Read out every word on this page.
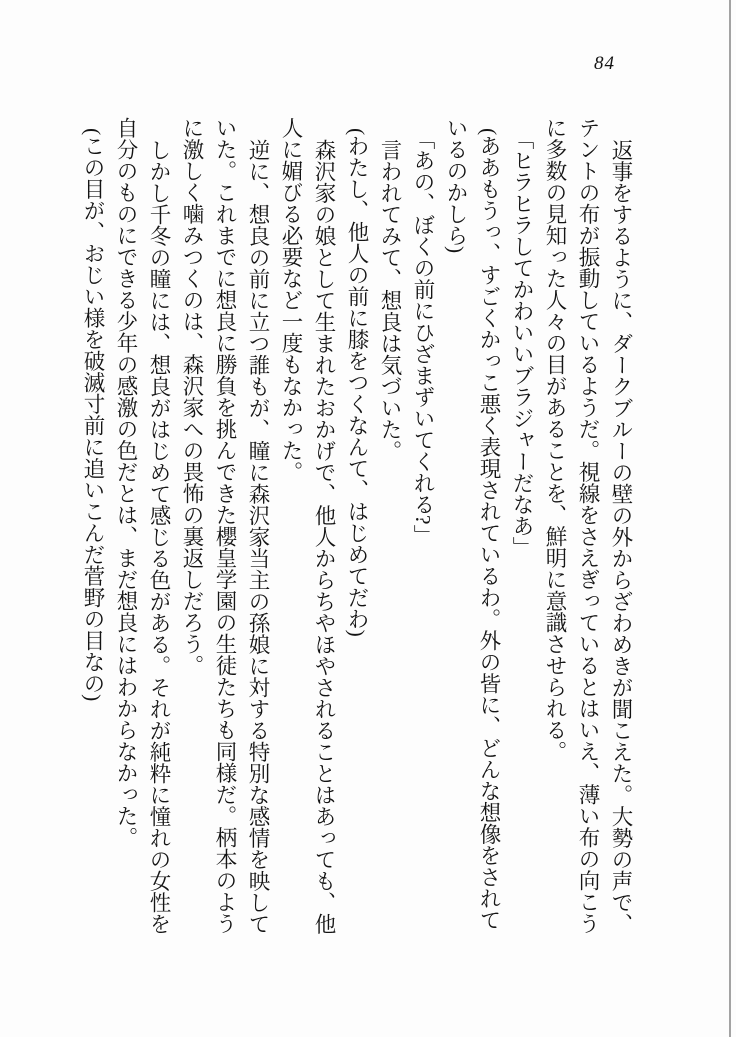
84

返事をするように、ダークブルーの壁の外からざわめきが聞こえた。大勢の声で、テントの布が振動しているようだ。視線をさえぎっているとはいえ、薄い布の向こうに多数の見知った人々の目があることを、鮮明に意識させられる。

「ヒラヒラしてかわいいブラジャーだなあ」

(ああもうっ、すごくかっこ悪く表現されているわ。外の皆に、どんな想像をされているのかしら)

「あの、ぼくの前にひざまずいてくれる?」

言われてみて、想良は気づいた。

(わたし、他人の前に膝をつくなんて、はじめてだわ)

森沢家の娘として生まれたおかげで、他人からちやほやされることはあっても、他人に媚びる必要など一度もなかった。

逆に、想良の前に立つ誰もが、瞳に森沢家当主の孫娘に対する特別な感情を映していた。これまでに想良に勝負を挑んできた櫻皇学園の生徒たちも同様だ。柄本のように激しく噛みつくのは、森沢家への畏怖の裏返しだろう。

しかし千冬の瞳には、想良がはじめて感じる色がある。それが純粋に憧れの女性を自分のものにできる少年の感激の色だとは、まだ想良にはわからなかった。

(この目が、おじい様を破滅寸前に追いこんだ菅野の目なの)
